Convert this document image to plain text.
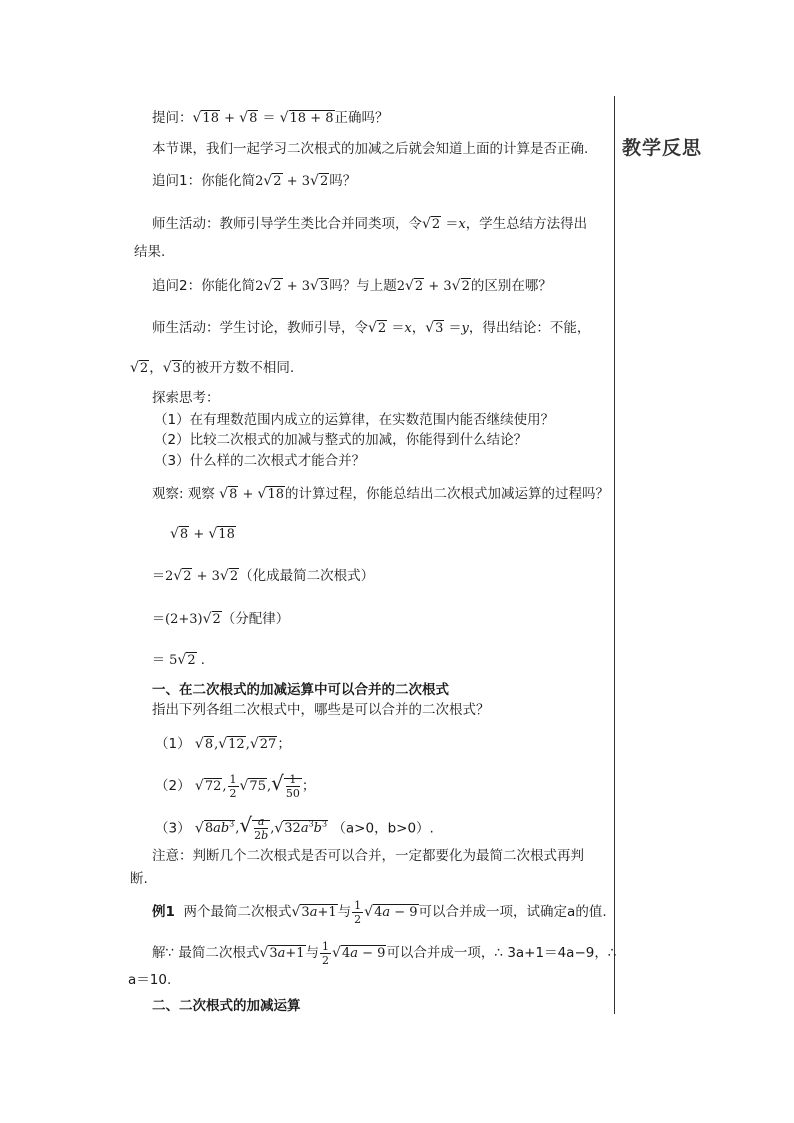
教学反思
提问：√18 + √8 ＝ √18 + 8正确吗？
本节课，我们一起学习二次根式的加减之后就会知道上面的计算是否正确.
追问1：你能化简2√2 + 3√2吗？
师生活动：教师引导学生类比合并同类项，令√2 ＝x，学生总结方法得出
结果.
追问2：你能化简2√2 + 3√3吗？与上题2√2 + 3√2的区别在哪？
师生活动：学生讨论，教师引导，令√2 ＝x，√3 ＝y，得出结论：不能，
√2，√3的被开方数不相同.
探索思考：
（1）在有理数范围内成立的运算律，在实数范围内能否继续使用？
（2）比较二次根式的加减与整式的加减，你能得到什么结论？
（3）什么样的二次根式才能合并？
观察: 观察 √8 + √18的计算过程，你能总结出二次根式加减运算的过程吗？
√8 + √18
＝2√2 + 3√2（化成最简二次根式）
＝(2+3)√2（分配律）
＝ 5√2 .
一、在二次根式的加减运算中可以合并的二次根式
指出下列各组二次根式中，哪些是可以合并的二次根式？
（1） √8,√12,√27；
（2） √72, $\frac{1}{2} √75,√ \frac{1}{50}$ ；
（3） $√8ab^3,√ \frac{a}{2b} ,√32a^3b^3$ （a>0，b>0）.
注意：判断几个二次根式是否可以合并，一定都要化为最简二次根式再判
断.
例1 两个最简二次根式√3a+1与 $\frac{1}{2} √4a - 9$可以合并成一项，试确定a的值.
解∵ 最简二次根式√3a+1与 $\frac{1}{2} √4a - 9$可以合并成一项，∴ 3a+1＝4a−9，∴
a＝10.
二、二次根式的加减运算
